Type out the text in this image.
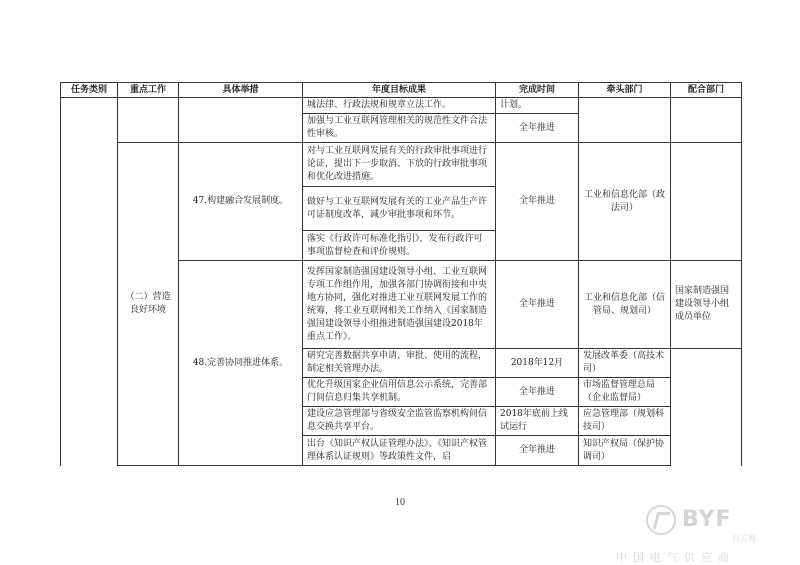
任务类别	重点工作	具体举措	年度目标成果	完成时间	牵头部门	配合部门
			城法律、行政法规和规章立法工作。	计划。		
			加强与工业互联网管理相关的规范性文件合法性审核。	全年推进		
	（二）营造良好环境	47.构建融合发展制度。	对与工业互联网发展有关的行政审批事项进行论证，提出下一步取消、下放的行政审批事项和优化改进措施。	全年推进	工业和信息化部（政法司）	
			做好与工业互联网发展有关的工业产品生产许可证制度改革，减少审批事项和环节。			
			落实《行政许可标准化指引》，发布行政许可事项监督检查和评价规则。			
		48.完善协同推进体系。	发挥国家制造强国建设领导小组、工业互联网专项工作组作用，加强各部门协调衔接和中央地方协同，强化对推进工业互联网发展工作的统筹，将工业互联网相关工作纳入《国家制造强国建设领导小组推进制造强国建设2018年重点工作》。	全年推进	工业和信息化部（信管局、规划司）	国家制造强国建设领导小组成员单位
			研究完善数据共享申请、审批、使用的流程，制定相关管理办法。	2018年12月	发展改革委（高技术司）	
			优化升级国家企业信用信息公示系统，完善部门间信息归集共享机制。	全年推进	市场监督管理总局（企业监督局）	
			建设应急管理部与省级安全监管监察机构间信息交换共享平台。	2018年底前上线试运行	应急管理部（规划科技司）	
			出台《知识产权认证管理办法》、《知识产权管理体系认证规则》等政策性文件，启	全年推进	知识产权局（保护协调司）	
10
BYF
百方网
中国电气供应商
